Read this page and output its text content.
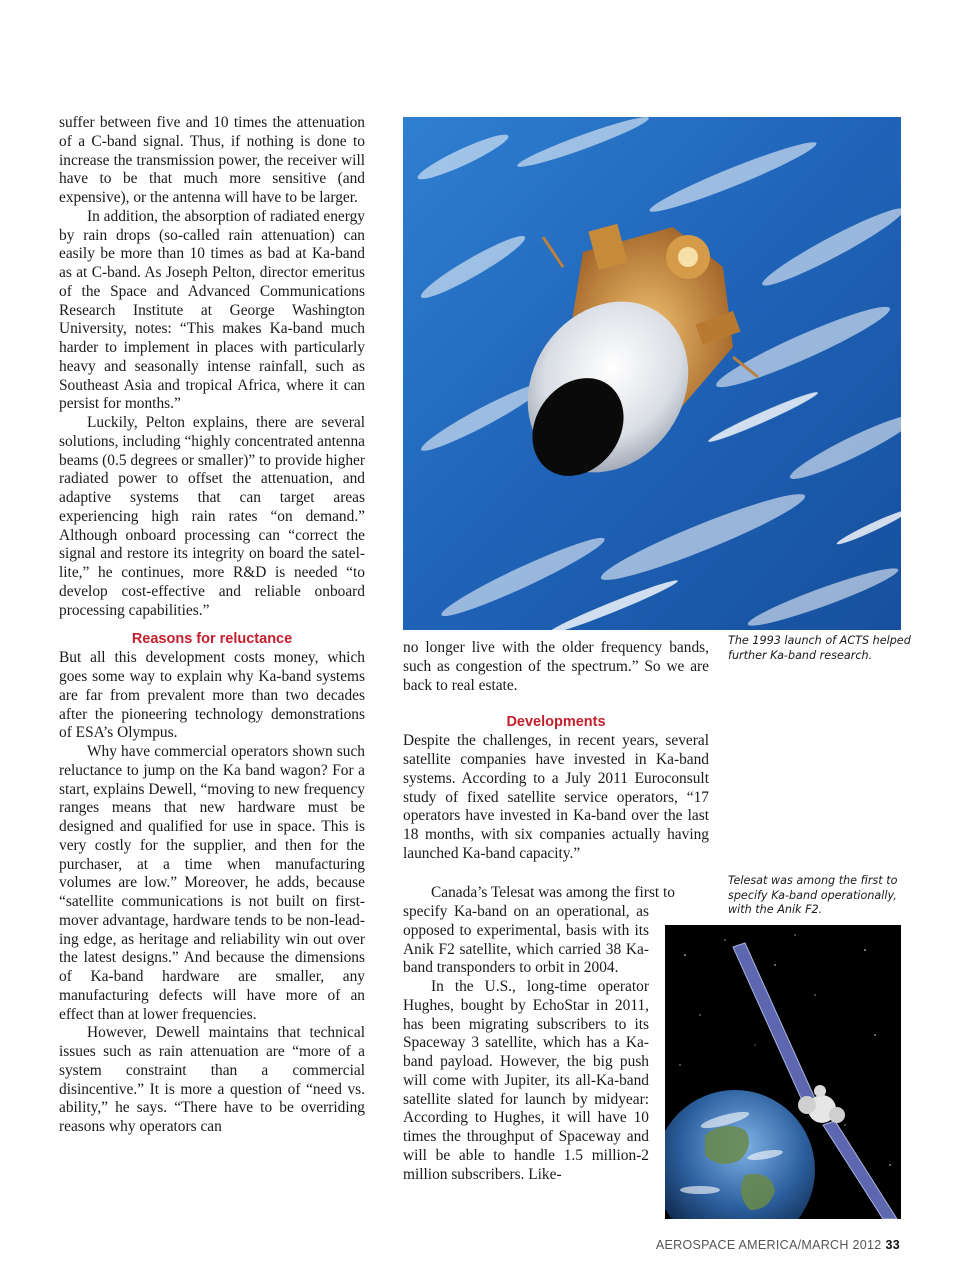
suffer between five and 10 times the attenuation of a C-band signal. Thus, if nothing is done to increase the transmission power, the receiver will have to be that much more sensitive (and expensive), or the antenna will have to be larger.

In addition, the absorption of radiated energy by rain drops (so-called rain attenuation) can easily be more than 10 times as bad at Ka-band as at C-band. As Joseph Pelton, director emeritus of the Space and Advanced Communications Research Institute at George Washington University, notes: “This makes Ka-band much harder to implement in places with particularly heavy and seasonally intense rainfall, such as Southeast Asia and tropical Africa, where it can persist for months.”

Luckily, Pelton explains, there are several solutions, including “highly concentrated antenna beams (0.5 degrees or smaller)” to provide higher radiated power to offset the attenuation, and adaptive systems that can target areas experiencing high rain rates “on demand.” Although onboard processing can “correct the signal and restore its integrity on board the satellite,” he continues, more R&D is needed “to develop cost-effective and reliable onboard processing capabilities.”

Reasons for reluctance

But all this development costs money, which goes some way to explain why Ka-band systems are far from prevalent more than two decades after the pioneering technology demonstrations of ESA’s Olympus.

Why have commercial operators shown such reluctance to jump on the Ka band wagon? For a start, explains Dewell, “moving to new frequency ranges means that new hardware must be designed and qualified for use in space. This is very costly for the supplier, and then for the purchaser, at a time when manufacturing volumes are low.” Moreover, he adds, because “satellite communications is not built on first-mover advantage, hardware tends to be non-leading edge, as heritage and reliability win out over the latest designs.” And because the dimensions of Ka-band hardware are smaller, any manufacturing defects will have more of an effect than at lower frequencies.

However, Dewell maintains that technical issues such as rain attenuation are “more of a system constraint than a commercial disincentive.” It is more a question of “need vs. ability,” he says. “There have to be overriding reasons why operators can

The 1993 launch of ACTS helped further Ka-band research.

no longer live with the older frequency bands, such as congestion of the spectrum.” So we are back to real estate.

Developments

Despite the challenges, in recent years, several satellite companies have invested in Ka-band systems. According to a July 2011 Euroconsult study of fixed satellite service operators, “17 operators have invested in Ka-band over the last 18 months, with six companies actually having launched Ka-band capacity.”

Canada’s Telesat was among the first to

specify Ka-band on an operational, as opposed to experimental, basis with its Anik F2 satellite, which carried 38 Ka-band transponders to orbit in 2004.

In the U.S., long-time operator Hughes, bought by EchoStar in 2011, has been migrating subscribers to its Spaceway 3 satellite, which has a Ka-band payload. However, the big push will come with Jupiter, its all-Ka-band satellite slated for launch by midyear: According to Hughes, it will have 10 times the throughput of Spaceway and will be able to handle 1.5 million-2 million subscribers. Like-

Telesat was among the first to specify Ka-band operationally, with the Anik F2.
AEROSPACE AMERICA/MARCH 2012 33
